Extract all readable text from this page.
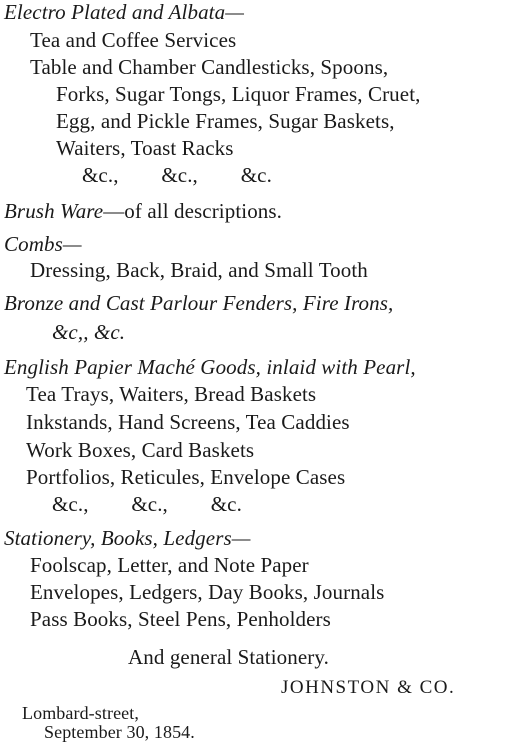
Electro Plated and Albata—
Tea and Coffee Services
Table and Chamber Candlesticks, Spoons,
Forks, Sugar Tongs, Liquor Frames, Cruet,
Egg, and Pickle Frames, Sugar Baskets,
Waiters, Toast Racks
&c.,        &c.,        &c.
Brush Ware—of all descriptions.
Combs—
Dressing, Back, Braid, and Small Tooth
Bronze and Cast Parlour Fenders, Fire Irons,
&c,, &c.
English Papier Maché Goods, inlaid with Pearl,
Tea Trays, Waiters, Bread Baskets
Inkstands, Hand Screens, Tea Caddies
Work Boxes, Card Baskets
Portfolios, Reticules, Envelope Cases
&c.,        &c.,        &c.
Stationery, Books, Ledgers—
Foolscap, Letter, and Note Paper
Envelopes, Ledgers, Day Books, Journals
Pass Books, Steel Pens, Penholders
And general Stationery.
JOHNSTON & CO.
Lombard-street,
September 30, 1854.
